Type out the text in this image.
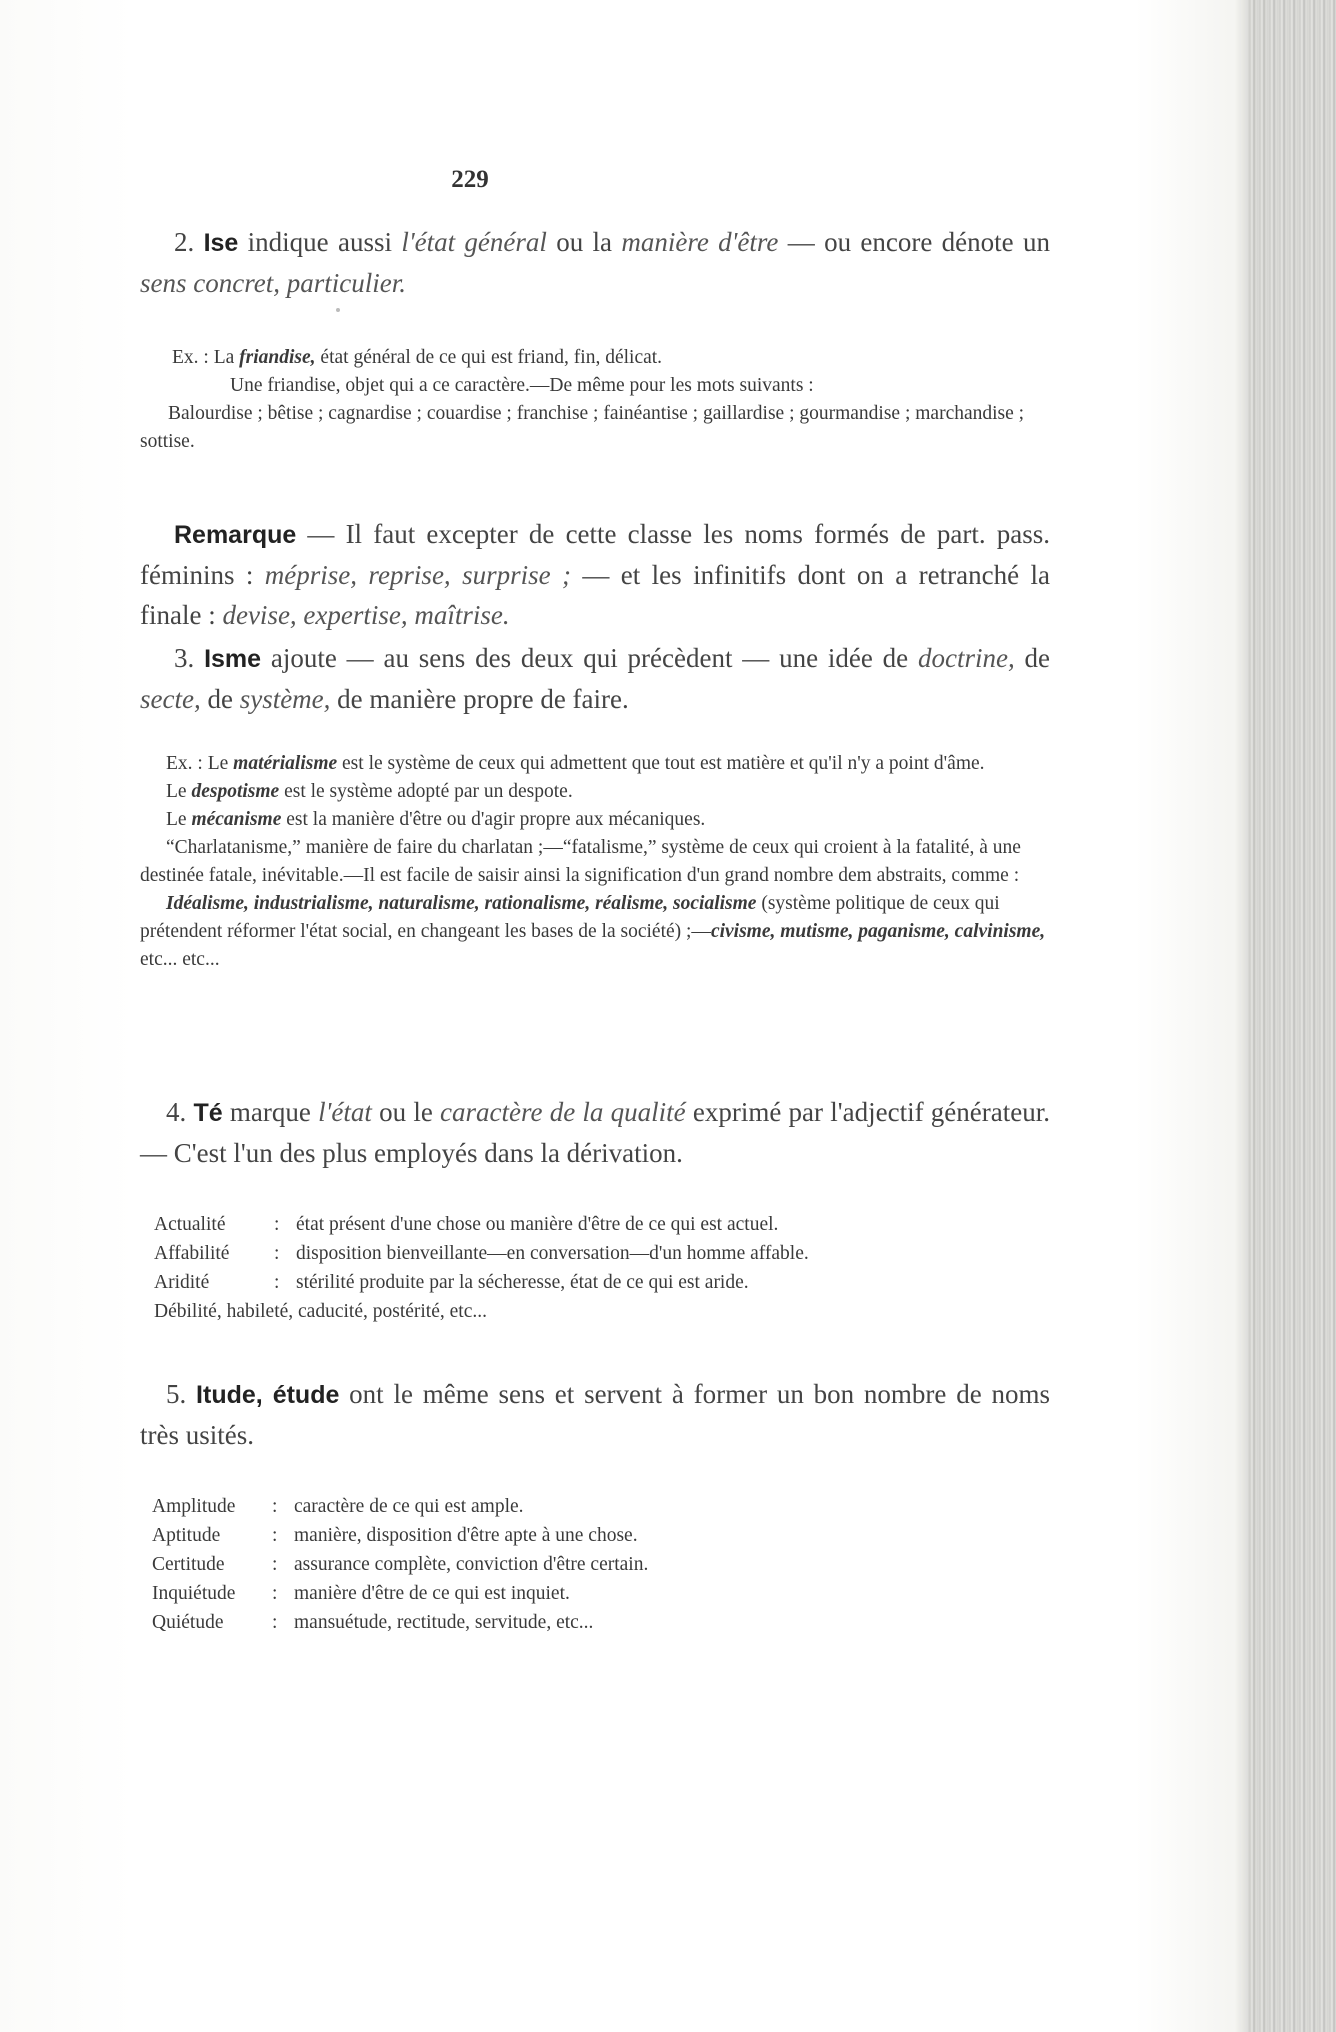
229
2. Ise indique aussi l'état général ou la manière d'être — ou encore dénote un sens concret, particulier.
Ex. : La friandise, état général de ce qui est friand, fin, délicat.
Une friandise, objet qui a ce caractère.—De même pour les mots suivants :
Balourdise ; bêtise ; cagnardise ; couardise ; franchise ; fainéantise ; gaillardise ; gourmandise ; marchandise ; sottise.
Remarque — Il faut excepter de cette classe les noms formés de part. pass. féminins : méprise, reprise, surprise ; — et les infinitifs dont on a retranché la finale : devise, expertise, maîtrise.
3. Isme ajoute — au sens des deux qui précèdent — une idée de doctrine, de secte, de système, de manière propre de faire.
Ex. : Le matérialisme est le système de ceux qui admettent que tout est matière et qu'il n'y a point d'âme.
Le despotisme est le système adopté par un despote.
Le mécanisme est la manière d'être ou d'agir propre aux mécaniques.
“Charlatanisme,” manière de faire du charlatan ;—“fatalisme,” système de ceux qui croient à la fatalité, à une destinée fatale, inévitable.—Il est facile de saisir ainsi la signification d'un grand nombre dem abstraits, comme :
Idéalisme, industrialisme, naturalisme, rationalisme, réalisme, socialisme (système politique de ceux qui prétendent réformer l'état social, en changeant les bases de la société) ;—civisme, mutisme, paganisme, calvinisme, etc... etc...
4. Té marque l'état ou le caractère de la qualité exprimé par l'adjectif générateur. — C'est l'un des plus employés dans la dérivation.
Actualité	: état présent d'une chose ou manière d'être de ce qui est actuel.
Affabilité	: disposition bienveillante—en conversation—d'un homme affable.
Aridité	: stérilité produite par la sécheresse, état de ce qui est aride.
Débilité, habileté, caducité, postérité, etc...
5. Itude, étude ont le même sens et servent à former un bon nombre de noms très usités.
Amplitude	: caractère de ce qui est ample.
Aptitude	: manière, disposition d'être apte à une chose.
Certitude	: assurance complète, conviction d'être certain.
Inquiétude	: manière d'être de ce qui est inquiet.
Quiétude	: mansuétude, rectitude, servitude, etc...
